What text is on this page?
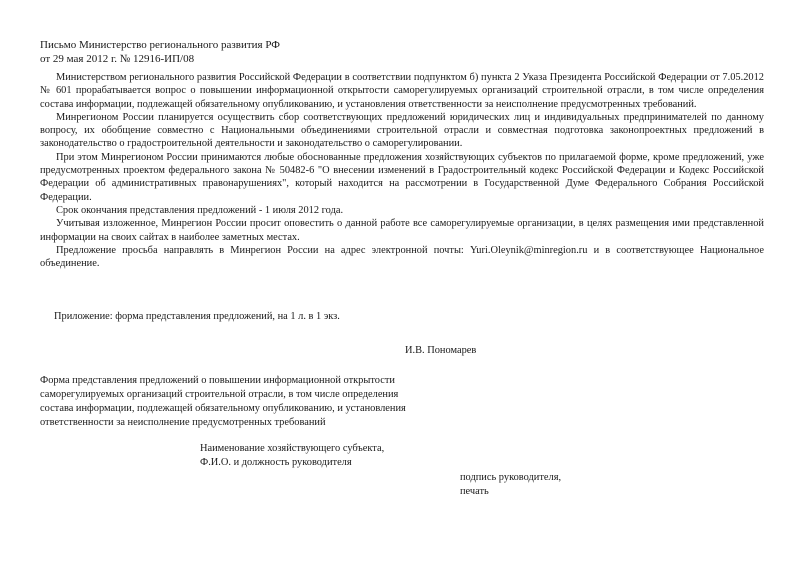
Письмо Министерство регионального развития РФ
от 29 мая 2012 г. № 12916-ИП/08

Министерством регионального развития Российской Федерации в соответствии подпунктом б) пункта 2 Указа Президента Российской Федерации от 7.05.2012 № 601 прорабатывается вопрос о повышении информационной открытости саморегулируемых организаций строительной отрасли, в том числе определения состава информации, подлежащей обязательному опубликованию, и установления ответственности за неисполнение предусмотренных требований.

Минрегионом России планируется осуществить сбор соответствующих предложений юридических лиц и индивидуальных предпринимателей по данному вопросу, их обобщение совместно с Национальными объединениями строительной отрасли и совместная подготовка законопроектных предложений в законодательство о градостроительной деятельности и законодательство о саморегулировании.

При этом Минрегионом России принимаются любые обоснованные предложения хозяйствующих субъектов по прилагаемой форме, кроме предложений, уже предусмотренных проектом федерального закона № 50482-6 "О внесении изменений в Градостроительный кодекс Российской Федерации и Кодекс Российской Федерации об административных правонарушениях", который находится на рассмотрении в Государственной Думе Федерального Собрания Российской Федерации.

Срок окончания представления предложений - 1 июля 2012 года.

Учитывая изложенное, Минрегион России просит оповестить о данной работе все саморегулируемые организации, в целях размещения ими представленной информации на своих сайтах в наиболее заметных местах.

Предложение просьба направлять в Минрегион России на адрес электронной почты: Yuri.Oleynik@minregion.ru и в соответствующее Национальное объединение.

Приложение: форма представления предложений, на 1 л. в 1 экз.
И.В. Пономарев
Форма представления предложений о повышении информационной открытости
саморегулируемых организаций строительной отрасли, в том числе определения
состава информации, подлежащей обязательному опубликованию, и установления
ответственности за неисполнение предусмотренных требований
Наименование хозяйствующего субъекта,
Ф.И.О. и должность руководителя
подпись руководителя,
печать
